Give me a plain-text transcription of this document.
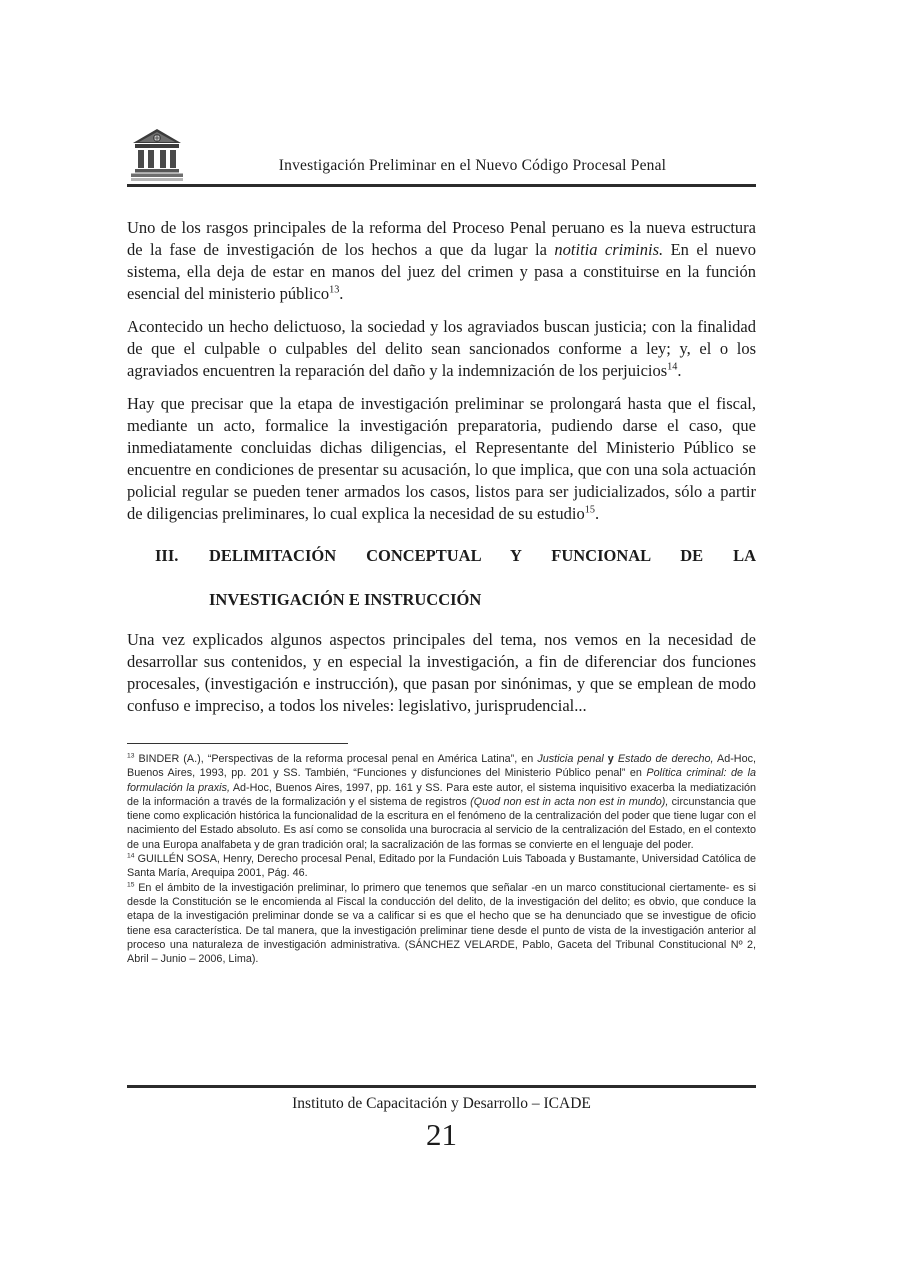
Investigación Preliminar en el Nuevo Código Procesal Penal

Uno de los rasgos principales de la reforma del Proceso Penal peruano es la nueva estructura de la fase de investigación de los hechos a que da lugar la notitia criminis. En el nuevo sistema, ella deja de estar en manos del juez del crimen y pasa a constituirse en la función esencial del ministerio público$^{13}$.

Acontecido un hecho delictuoso, la sociedad y los agraviados buscan justicia; con la finalidad de que el culpable o culpables del delito sean sancionados conforme a ley; y, el o los agraviados encuentren la reparación del daño y la indemnización de los perjuicios$^{14}$.

Hay que precisar que la etapa de investigación preliminar se prolongará hasta que el fiscal, mediante un acto, formalice la investigación preparatoria, pudiendo darse el caso, que inmediatamente concluidas dichas diligencias, el Representante del Ministerio Público se encuentre en condiciones de presentar su acusación, lo que implica, que con una sola actuación policial regular se pueden tener armados los casos, listos para ser judicializados, sólo a partir de diligencias preliminares, lo cual explica la necesidad de su estudio$^{15}$.

III.	DELIMITACIÓN CONCEPTUAL Y FUNCIONAL DE LA
INVESTIGACIÓN E INSTRUCCIÓN

Una vez explicados algunos aspectos principales del tema, nos vemos en la necesidad de desarrollar sus contenidos, y en especial la investigación, a fin de diferenciar dos funciones procesales, (investigación e instrucción), que pasan por sinónimas, y que se emplean de modo confuso e impreciso, a todos los niveles: legislativo, jurisprudencial...

$^{13}$ BINDER (A.), “Perspectivas de la reforma procesal penal en América Latina”, en Justicia penal y Estado de derecho, Ad-Hoc, Buenos Aires, 1993, pp. 201 y SS. También, “Funciones y disfunciones del Ministerio Público penal” en Política criminal: de la formulación la praxis, Ad-Hoc, Buenos Aires, 1997, pp. 161 y SS. Para este autor, el sistema inquisitivo exacerba la mediatización de la información a través de la formalización y el sistema de registros (Quod non est in acta non est in mundo), circunstancia que tiene como explicación histórica la funcionalidad de la escritura en el fenómeno de la centralización del poder que tiene lugar con el nacimiento del Estado absoluto. Es así como se consolida una burocracia al servicio de la centralización del Estado, en el contexto de una Europa analfabeta y de gran tradición oral; la sacralización de las formas se convierte en el lenguaje del poder.

$^{14}$ GUILLÉN SOSA, Henry, Derecho procesal Penal, Editado por la Fundación Luis Taboada y Bustamante, Universidad Católica de Santa María, Arequipa 2001, Pág. 46.

$^{15}$ En el ámbito de la investigación preliminar, lo primero que tenemos que señalar -en un marco constitucional ciertamente- es si desde la Constitución se le encomienda al Fiscal la conducción del delito, de la investigación del delito; es obvio, que conduce la etapa de la investigación preliminar donde se va a calificar si es que el hecho que se ha denunciado que se investigue de oficio tiene esa característica. De tal manera, que la investigación preliminar tiene desde el punto de vista de la investigación anterior al proceso una naturaleza de investigación administrativa. (SÁNCHEZ VELARDE, Pablo, Gaceta del Tribunal Constitucional Nº 2, Abril – Junio – 2006, Lima).

Instituto de Capacitación y Desarrollo – ICADE
21
